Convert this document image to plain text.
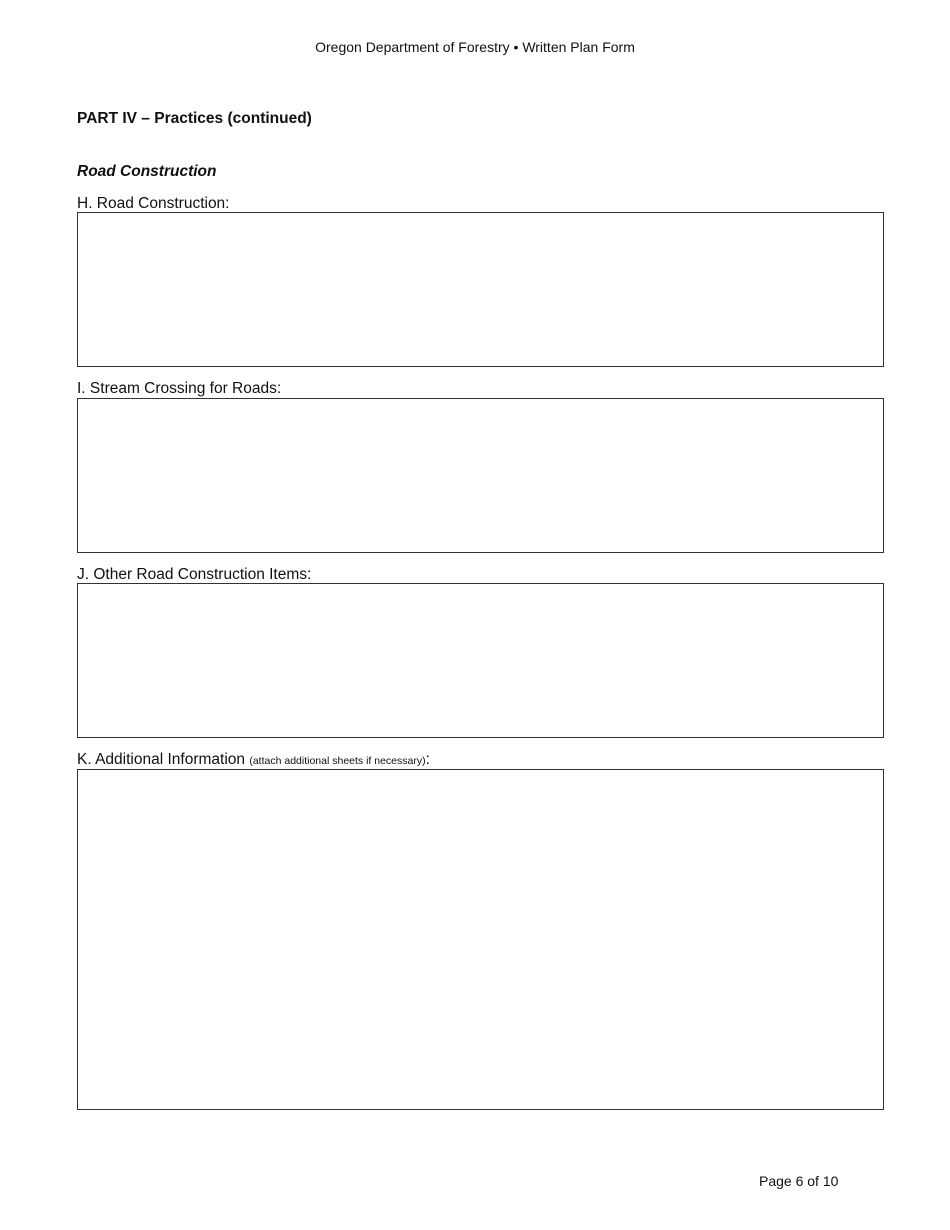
Oregon Department of Forestry • Written Plan Form
PART IV – Practices (continued)
Road Construction
H. Road Construction:
I. Stream Crossing for Roads:
J. Other Road Construction Items:
K. Additional Information (attach additional sheets if necessary):
Page 6 of 10
